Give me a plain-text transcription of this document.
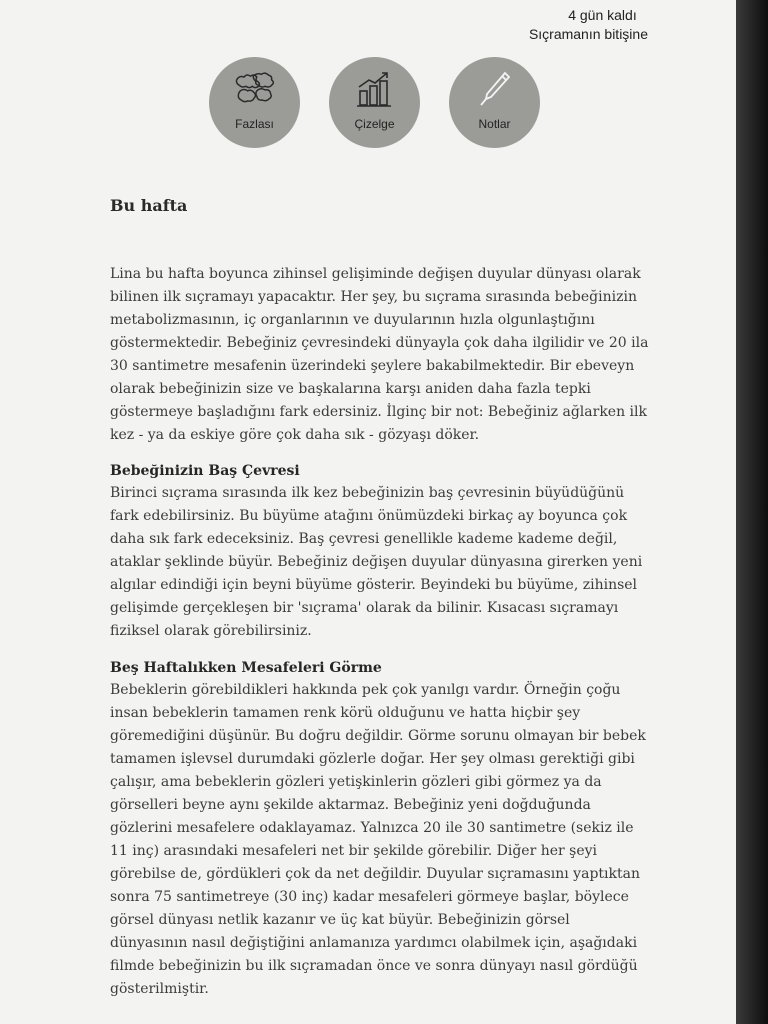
4 gün kaldı
Sıçramanın bitişine
Fazlası	Çizelge	Notlar
Bu hafta

Lina bu hafta boyunca zihinsel gelişiminde değişen duyular dünyası olarak bilinen ilk sıçramayı yapacaktır. Her şey, bu sıçrama sırasında bebeğinizin metabolizmasının, iç organlarının ve duyularının hızla olgunlaştığını göstermektedir. Bebeğiniz çevresindeki dünyayla çok daha ilgilidir ve 20 ila 30 santimetre mesafenin üzerindeki şeylere bakabilmektedir. Bir ebeveyn olarak bebeğinizin size ve başkalarına karşı aniden daha fazla tepki göstermeye başladığını fark edersiniz. İlginç bir not: Bebeğiniz ağlarken ilk kez - ya da eskiye göre çok daha sık - gözyaşı döker.

Bebeğinizin Baş Çevresi

Birinci sıçrama sırasında ilk kez bebeğinizin baş çevresinin büyüdüğünü fark edebilirsiniz. Bu büyüme atağını önümüzdeki birkaç ay boyunca çok daha sık fark edeceksiniz. Baş çevresi genellikle kademe kademe değil, ataklar şeklinde büyür. Bebeğiniz değişen duyular dünyasına girerken yeni algılar edindiği için beyni büyüme gösterir. Beyindeki bu büyüme, zihinsel gelişimde gerçekleşen bir 'sıçrama' olarak da bilinir. Kısacası sıçramayı fiziksel olarak görebilirsiniz.

Beş Haftalıkken Mesafeleri Görme

Bebeklerin görebildikleri hakkında pek çok yanılgı vardır. Örneğin çoğu insan bebeklerin tamamen renk körü olduğunu ve hatta hiçbir şey göremediğini düşünür. Bu doğru değildir. Görme sorunu olmayan bir bebek tamamen işlevsel durumdaki gözlerle doğar. Her şey olması gerektiği gibi çalışır, ama bebeklerin gözleri yetişkinlerin gözleri gibi görmez ya da görselleri beyne aynı şekilde aktarmaz. Bebeğiniz yeni doğduğunda gözlerini mesafelere odaklayamaz. Yalnızca 20 ile 30 santimetre (sekiz ile 11 inç) arasındaki mesafeleri net bir şekilde görebilir. Diğer her şeyi görebilse de, gördükleri çok da net değildir. Duyular sıçramasını yaptıktan sonra 75 santimetreye (30 inç) kadar mesafeleri görmeye başlar, böylece görsel dünyası netlik kazanır ve üç kat büyür. Bebeğinizin görsel dünyasının nasıl değiştiğini anlamanıza yardımcı olabilmek için, aşağıdaki filmde bebeğinizin bu ilk sıçramadan önce ve sonra dünyayı nasıl gördüğü gösterilmiştir.
